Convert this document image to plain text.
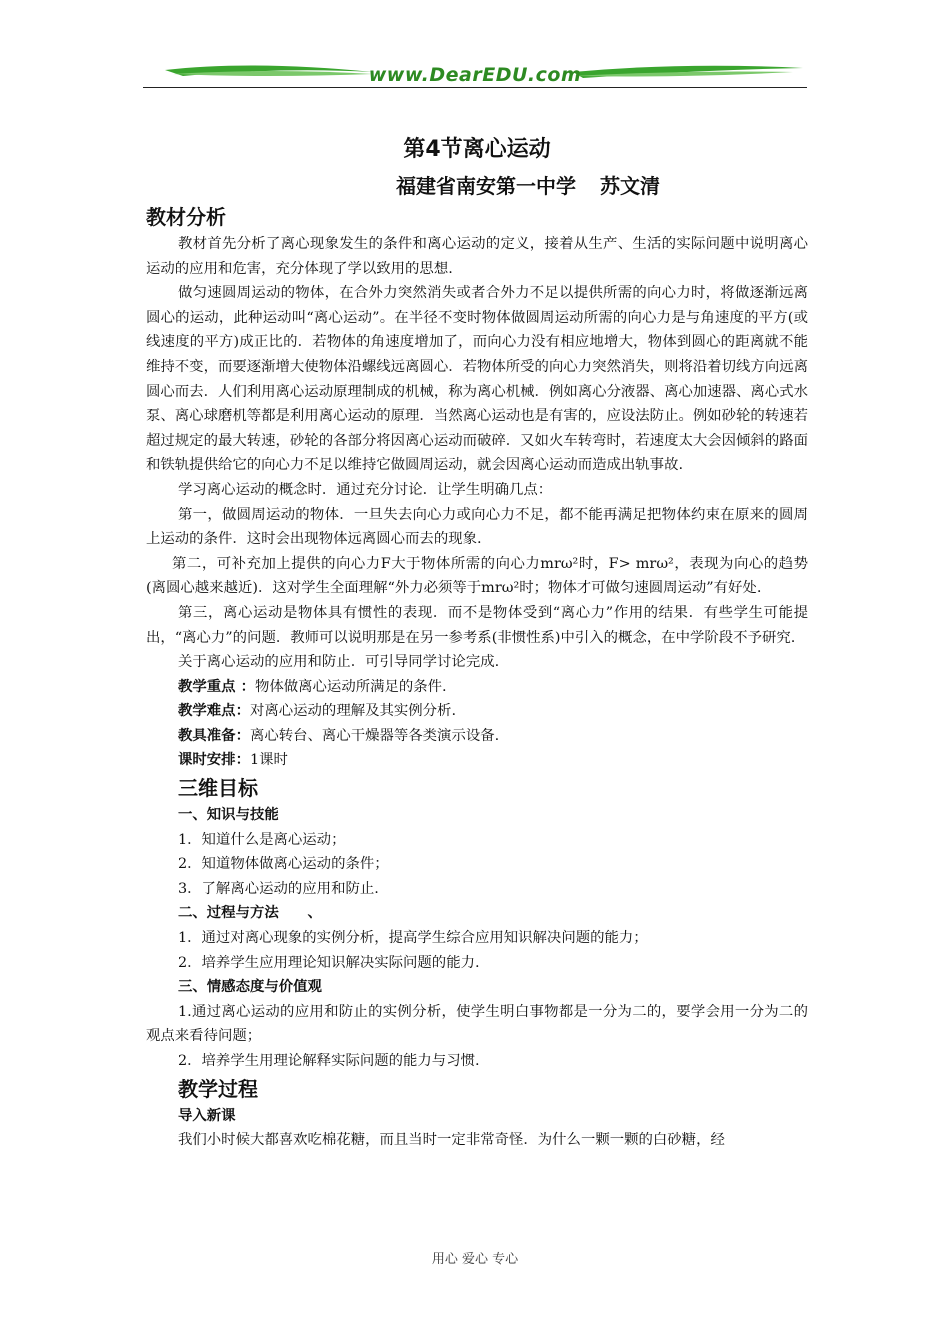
www.DearEDU.com
第4节离心运动
福建省南安第一中学 苏文清
教材分析

教材首先分析了离心现象发生的条件和离心运动的定义，接着从生产、生活的实际问题中说明离心运动的应用和危害，充分体现了学以致用的思想.

做匀速圆周运动的物体，在合外力突然消失或者合外力不足以提供所需的向心力时，将做逐渐远离圆心的运动，此种运动叫“离心运动”。在半径不变时物体做圆周运动所需的向心力是与角速度的平方(或线速度的平方)成正比的．若物体的角速度增加了，而向心力没有相应地增大，物体到圆心的距离就不能维持不变，而要逐渐增大使物体沿螺线远离圆心．若物体所受的向心力突然消失，则将沿着切线方向远离圆心而去．人们利用离心运动原理制成的机械，称为离心机械．例如离心分液器、离心加速器、离心式水泵、离心球磨机等都是利用离心运动的原理．当然离心运动也是有害的，应设法防止。例如砂轮的转速若超过规定的最大转速，砂轮的各部分将因离心运动而破碎．又如火车转弯时，若速度太大会因倾斜的路面和铁轨提供给它的向心力不足以维持它做圆周运动，就会因离心运动而造成出轨事故.

学习离心运动的概念时．通过充分讨论．让学生明确几点：

第一，做圆周运动的物体．一旦失去向心力或向心力不足，都不能再满足把物体约束在原来的圆周上运动的条件．这时会出现物体远离圆心而去的现象.

第二，可补充加上提供的向心力F大于物体所需的向心力mrω²时，F> mrω²，表现为向心的趋势(离圆心越来越近)．这对学生全面理解“外力必须等于mrω²时；物体才可做匀速圆周运动”有好处.

第三，离心运动是物体具有惯性的表现．而不是物体受到“离心力”作用的结果．有些学生可能提出，“离心力”的问题．教师可以说明那是在另一参考系(非惯性系)中引入的概念，在中学阶段不予研究.

关于离心运动的应用和防止．可引导同学讨论完成.

教学重点 ：物体做离心运动所满足的条件.

教学难点：对离心运动的理解及其实例分析.

教具准备：离心转台、离心干燥器等各类演示设备.

课时安排：1课时

三维目标
一、知识与技能

1．知道什么是离心运动；

2．知道物体做离心运动的条件；

3．了解离心运动的应用和防止.

二、过程与方法　　、

1．通过对离心现象的实例分析，提高学生综合应用知识解决问题的能力；

2．培养学生应用理论知识解决实际问题的能力.

三、情感态度与价值观

1.通过离心运动的应用和防止的实例分析，使学生明白事物都是一分为二的，要学会用一分为二的观点来看待问题；

2．培养学生用理论解释实际问题的能力与习惯.

教学过程
导入新课

我们小时候大都喜欢吃棉花糖，而且当时一定非常奇怪．为什么一颗一颗的白砂糖，经

用心 爱心 专心
